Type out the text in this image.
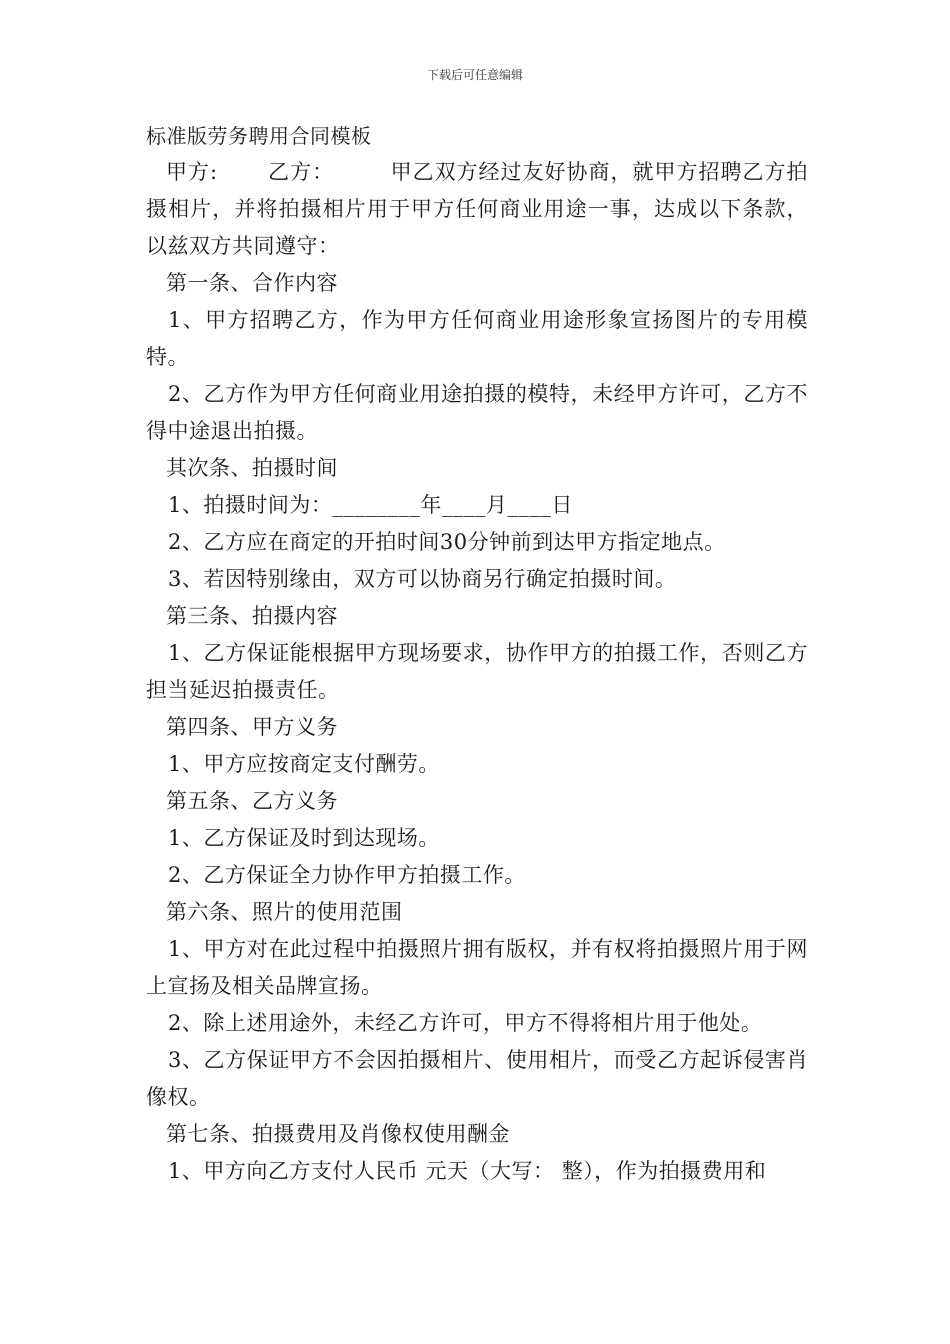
下载后可任意编辑

标准版劳务聘用合同模板

甲方: 乙方：	甲乙双方经过友好协商，就甲方招聘乙方拍摄相片，并将拍摄相片用于甲方任何商业用途一事，达成以下条款，以兹双方共同遵守：

第一条、合作内容

1、甲方招聘乙方，作为甲方任何商业用途形象宣扬图片的专用模特。

2、乙方作为甲方任何商业用途拍摄的模特，未经甲方许可，乙方不得中途退出拍摄。

其次条、拍摄时间

1、拍摄时间为：________年____月____日

2、乙方应在商定的开拍时间30分钟前到达甲方指定地点。

3、若因特别缘由，双方可以协商另行确定拍摄时间。

第三条、拍摄内容

1、乙方保证能根据甲方现场要求，协作甲方的拍摄工作，否则乙方担当延迟拍摄责任。

第四条、甲方义务

1、甲方应按商定支付酬劳。

第五条、乙方义务

1、乙方保证及时到达现场。

2、乙方保证全力协作甲方拍摄工作。

第六条、照片的使用范围

1、甲方对在此过程中拍摄照片拥有版权，并有权将拍摄照片用于网上宣扬及相关品牌宣扬。

2、除上述用途外，未经乙方许可，甲方不得将相片用于他处。

3、乙方保证甲方不会因拍摄相片、使用相片，而受乙方起诉侵害肖像权。

第七条、拍摄费用及肖像权使用酬金

1、甲方向乙方支付人民币 元天（大写： 整），作为拍摄费用和
